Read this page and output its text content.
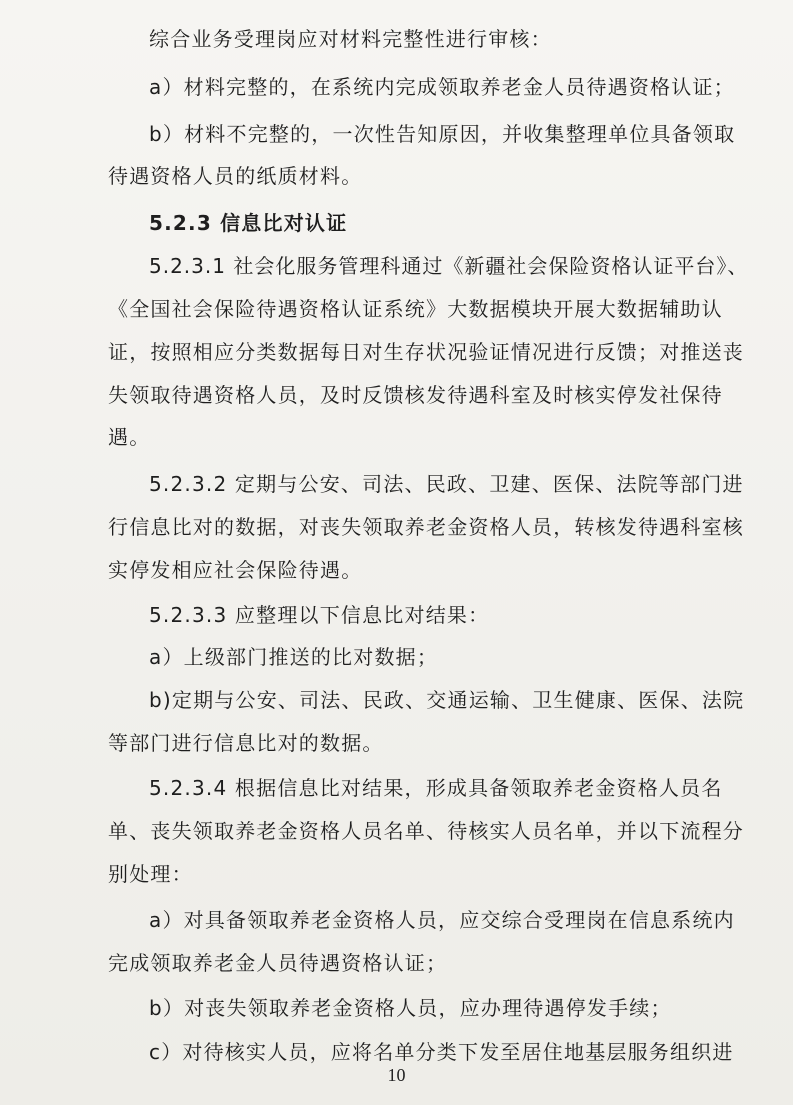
综合业务受理岗应对材料完整性进行审核：
a）材料完整的，在系统内完成领取养老金人员待遇资格认证；
b）材料不完整的，一次性告知原因，并收集整理单位具备领取
待遇资格人员的纸质材料。
5.2.3 信息比对认证
5.2.3.1 社会化服务管理科通过《新疆社会保险资格认证平台》、
《全国社会保险待遇资格认证系统》大数据模块开展大数据辅助认
证，按照相应分类数据每日对生存状况验证情况进行反馈；对推送丧
失领取待遇资格人员，及时反馈核发待遇科室及时核实停发社保待
遇。
5.2.3.2 定期与公安、司法、民政、卫建、医保、法院等部门进
行信息比对的数据，对丧失领取养老金资格人员，转核发待遇科室核
实停发相应社会保险待遇。
5.2.3.3 应整理以下信息比对结果：
a）上级部门推送的比对数据；
b)定期与公安、司法、民政、交通运输、卫生健康、医保、法院
等部门进行信息比对的数据。
5.2.3.4 根据信息比对结果，形成具备领取养老金资格人员名
单、丧失领取养老金资格人员名单、待核实人员名单，并以下流程分
别处理：
a）对具备领取养老金资格人员，应交综合受理岗在信息系统内
完成领取养老金人员待遇资格认证；
b）对丧失领取养老金资格人员，应办理待遇停发手续；
c）对待核实人员，应将名单分类下发至居住地基层服务组织进
10
